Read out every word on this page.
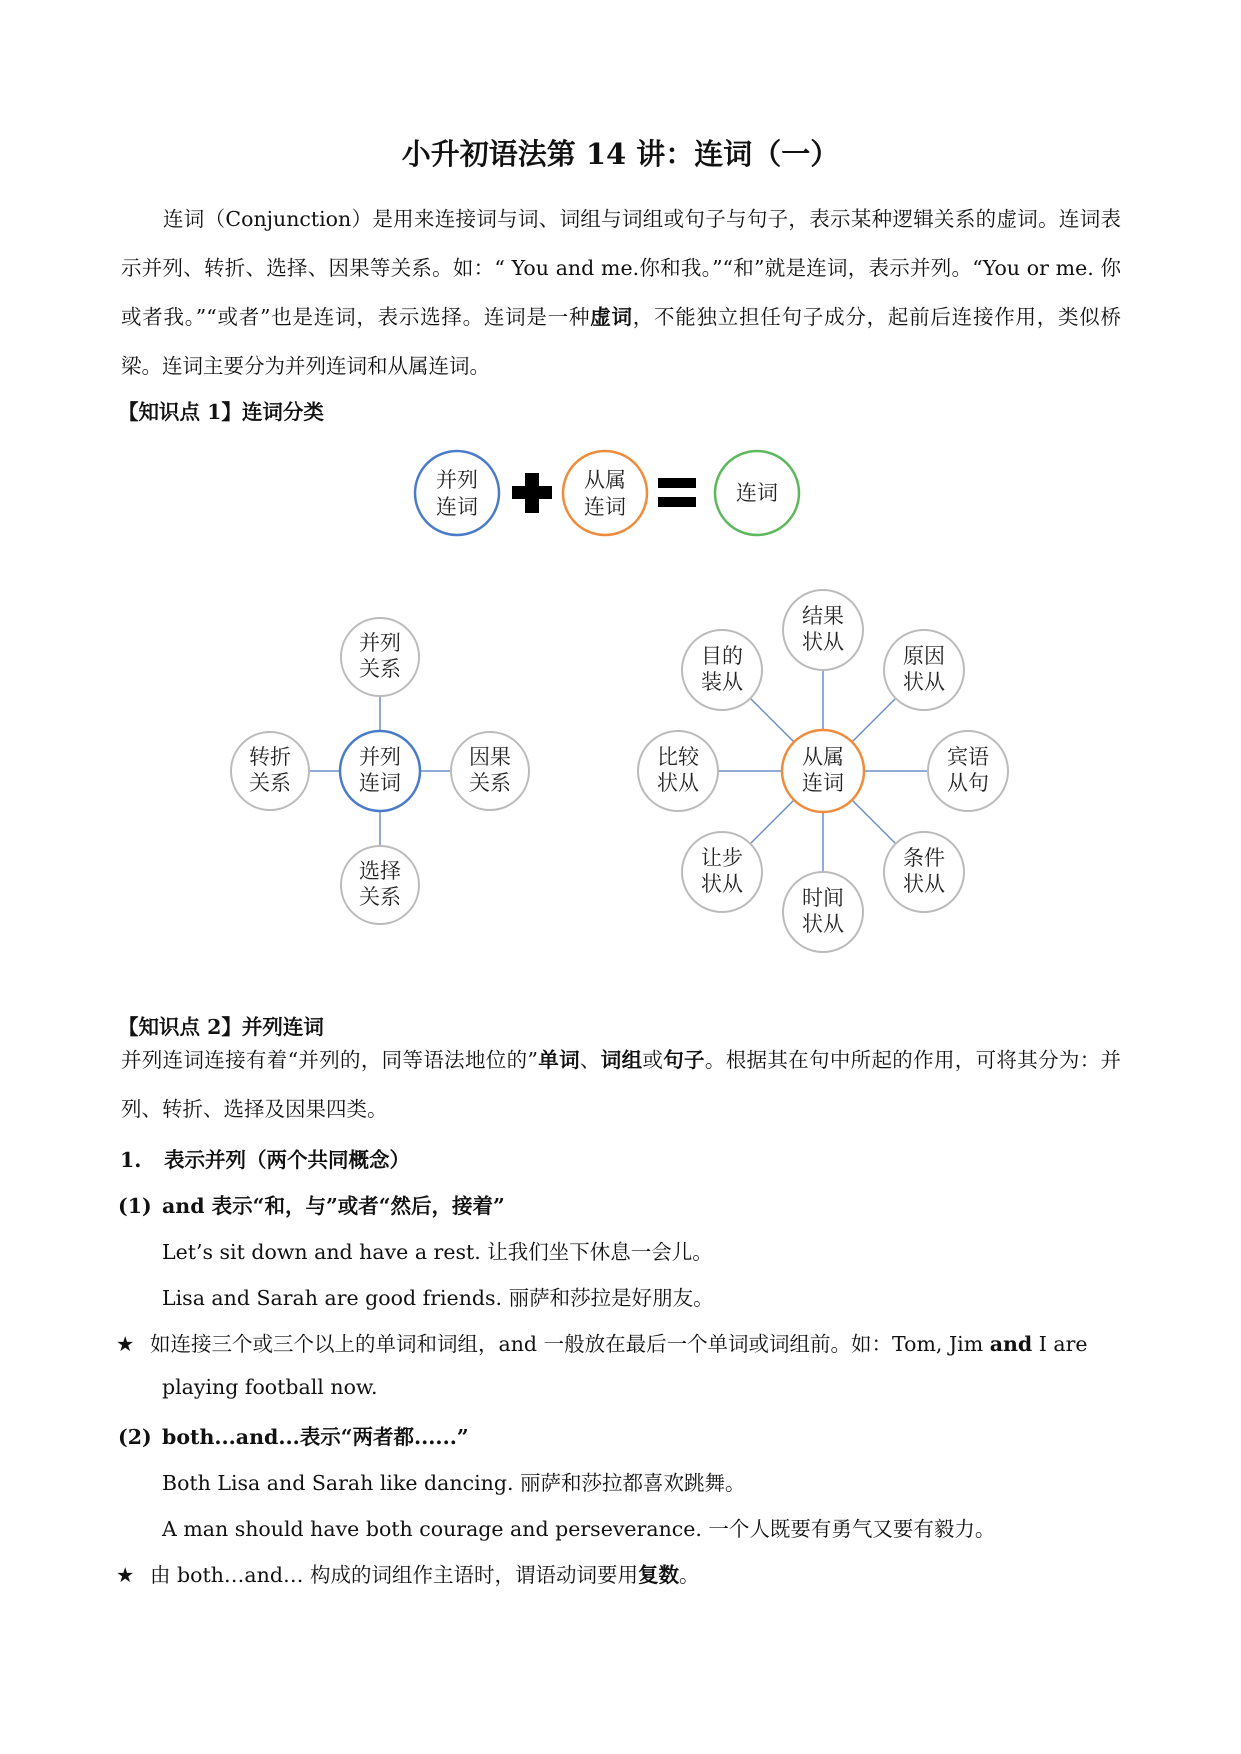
小升初语法第 14 讲：连词（一）

连词（Conjunction）是用来连接词与词、词组与词组或句子与句子，表示某种逻辑关系的虚词。连词表示并列、转折、选择、因果等关系。如：“ You and me.你和我。”“和”就是连词，表示并列。“You or me. 你或者我。”“或者”也是连词，表示选择。连词是一种虚词，不能独立担任句子成分，起前后连接作用，类似桥梁。连词主要分为并列连词和从属连词。

【知识点 1】连词分类
并列
连词
从属
连词
连词
并列
关系
转折
关系
因果
关系
选择
关系
并列
连词
结果
状从
目的
装从
原因
状从
比较
状从
宾语
从句
让步
状从
条件
状从
时间
状从
从属
连词
【知识点 2】并列连词

并列连词连接有着“并列的，同等语法地位的”单词、词组或句子。根据其在句中所起的作用，可将其分为：并列、转折、选择及因果四类。

1. 表示并列（两个共同概念）
(1) and 表示“和，与”或者“然后，接着”
Let’s sit down and have a rest. 让我们坐下休息一会儿。
Lisa and Sarah are good friends. 丽萨和莎拉是好朋友。
★ 如连接三个或三个以上的单词和词组，and 一般放在最后一个单词或词组前。如：Tom, Jim and I are
playing football now.
(2) both...and...表示“两者都......”
Both Lisa and Sarah like dancing. 丽萨和莎拉都喜欢跳舞。
A man should have both courage and perseverance. 一个人既要有勇气又要有毅力。
★ 由 both…and… 构成的词组作主语时，谓语动词要用复数。
